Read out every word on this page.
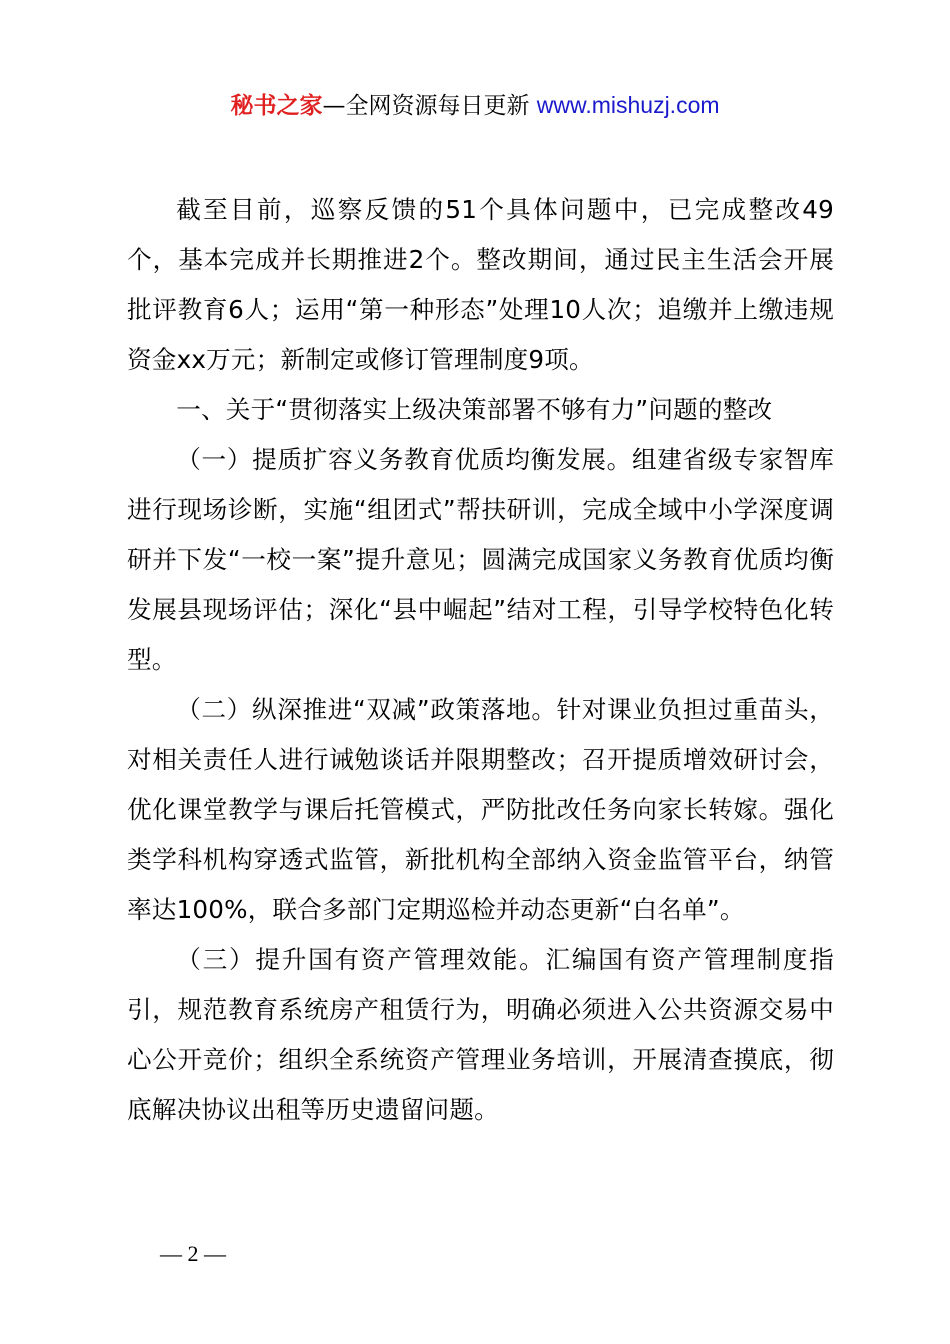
秘书之家—全网资源每日更新 www.mishuzj.com

截至目前，巡察反馈的51个具体问题中，已完成整改49个，基本完成并长期推进2个。整改期间，通过民主生活会开展批评教育6人；运用“第一种形态”处理10人次；追缴并上缴违规资金xx万元；新制定或修订管理制度9项。

一、关于“贯彻落实上级决策部署不够有力”问题的整改

（一）提质扩容义务教育优质均衡发展。组建省级专家智库进行现场诊断，实施“组团式”帮扶研训，完成全域中小学深度调研并下发“一校一案”提升意见；圆满完成国家义务教育优质均衡发展县现场评估；深化“县中崛起”结对工程，引导学校特色化转型。

（二）纵深推进“双减”政策落地。针对课业负担过重苗头，对相关责任人进行诫勉谈话并限期整改；召开提质增效研讨会，优化课堂教学与课后托管模式，严防批改任务向家长转嫁。强化类学科机构穿透式监管，新批机构全部纳入资金监管平台，纳管率达100%，联合多部门定期巡检并动态更新“白名单”。

（三）提升国有资产管理效能。汇编国有资产管理制度指引，规范教育系统房产租赁行为，明确必须进入公共资源交易中心公开竞价；组织全系统资产管理业务培训，开展清查摸底，彻底解决协议出租等历史遗留问题。

— 2 —
